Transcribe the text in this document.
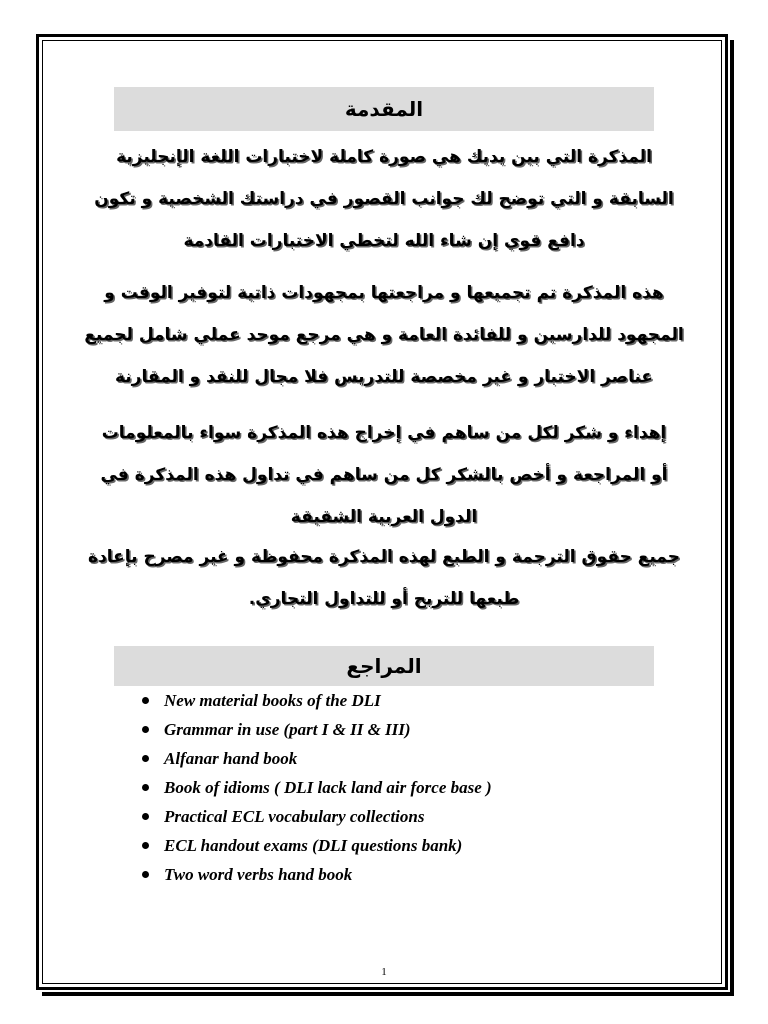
المقدمة
المذكرة التي بين يديك هي صورة كاملة لاختبارات اللغة الإنجليزية
السابقة و التي توضح لك جوانب القصور في دراستك الشخصية و تكون
دافع قوي إن شاء الله لتخطي الاختبارات القادمة
هذه المذكرة تم تجميعها و مراجعتها بمجهودات ذاتية لتوفير الوقت و
المجهود للدارسين و للفائدة العامة و هي مرجع موحد عملي شامل لجميع
عناصر الاختبار و غير مخصصة للتدريس فلا مجال للنقد و المقارنة
إهداء و شكر لكل من ساهم في إخراج هذه المذكرة سواء بالمعلومات
أو المراجعة و أخص بالشكر كل من ساهم في تداول هذه المذكرة في
الدول العربية الشقيقة
جميع حقوق الترجمة و الطبع لهذه المذكرة محفوظة و غير مصرح بإعادة
طبعها للتربح أو للتداول التجاري.
المراجع
New material books of the DLI
Grammar in use (part I & II & III)
Alfanar hand book
Book of idioms ( DLI lack land air force base )
Practical ECL vocabulary collections
ECL handout exams (DLI questions bank)
Two word verbs hand book
1
